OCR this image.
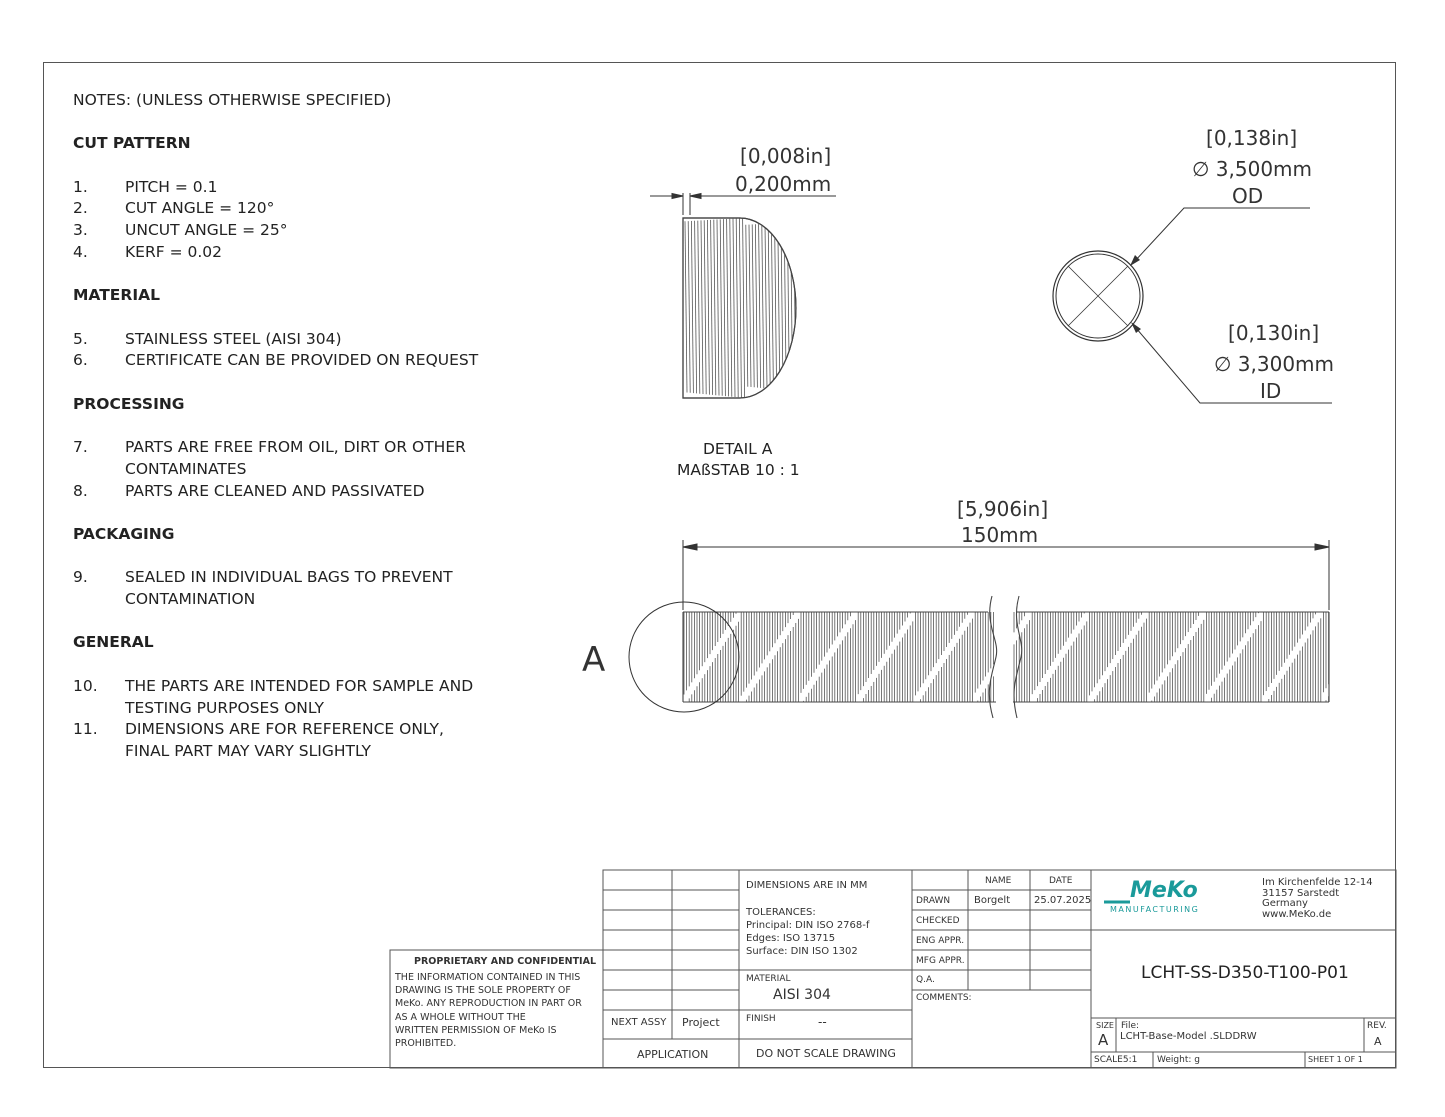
NOTES: (UNLESS OTHERWISE SPECIFIED)
CUT PATTERN
1.	PITCH = 0.1
2.	CUT ANGLE = 120°
3.	UNCUT ANGLE = 25°
4.	KERF = 0.02
MATERIAL
5.	STAINLESS STEEL (AISI 304)
6.	CERTIFICATE CAN BE PROVIDED ON REQUEST
PROCESSING
7.	PARTS ARE FREE FROM OIL, DIRT OR OTHER
CONTAMINATES
8.	PARTS ARE CLEANED AND PASSIVATED
PACKAGING
9.	SEALED IN INDIVIDUAL BAGS TO PREVENT
CONTAMINATION
GENERAL
10.	THE PARTS ARE INTENDED FOR SAMPLE AND
TESTING PURPOSES ONLY
11.	DIMENSIONS ARE FOR REFERENCE ONLY,
FINAL PART MAY VARY SLIGHTLY
[0,008in]
0,200mm
DETAIL A
MAßSTAB 10 : 1
A
[0,138in]
∅ 3,500mm
OD
[0,130in]
∅ 3,300mm
ID
[5,906in]
150mm
PROPRIETARY AND CONFIDENTIAL
THE INFORMATION CONTAINED IN THIS
DRAWING IS THE SOLE PROPERTY OF
MeKo. ANY REPRODUCTION IN PART OR
AS A WHOLE WITHOUT THE
WRITTEN PERMISSION OF MeKo IS
PROHIBITED.
NEXT ASSY Project
APPLICATION
DIMENSIONS ARE IN MM
TOLERANCES:
Principal: DIN ISO 2768-f
Edges: ISO 13715
Surface: DIN ISO 1302
MATERIAL
AISI 304
FINISH	--
DO NOT SCALE DRAWING
NAME	DATE
DRAWN Borgelt 25.07.2025
CHECKED
ENG APPR.
MFG APPR.
Q.A.
COMMENTS:
MeKo
MANUFACTURING
Im Kirchenfelde 12-14
31157 Sarstedt
Germany
www.MeKo.de
LCHT-SS-D350-T100-P01
SIZE
A
File:
LCHT-Base-Model .SLDDRW
REV.
A
SCALE5:1 Weight: g	SHEET 1 OF 1
